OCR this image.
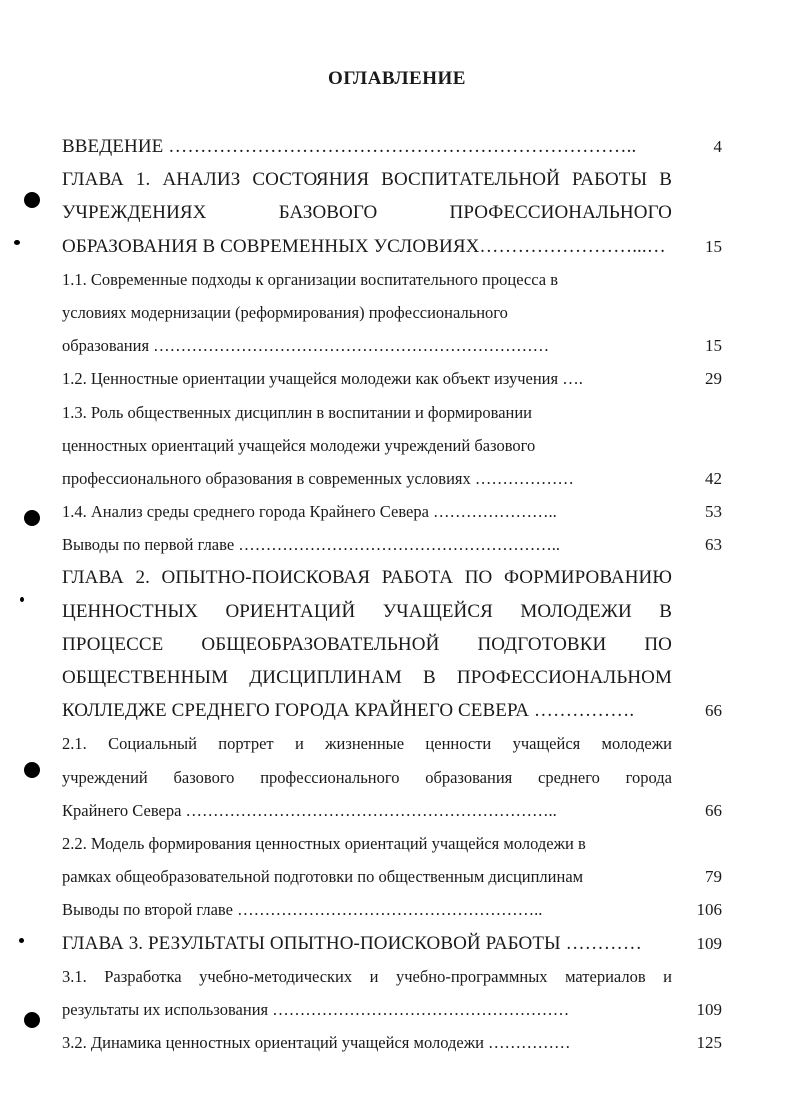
ОГЛАВЛЕНИЕ
ВВЕДЕНИЕ ………………………………………………………………..	4
ГЛАВА 1. АНАЛИЗ СОСТОЯНИЯ ВОСПИТАТЕЛЬНОЙ РАБОТЫ В
УЧРЕЖДЕНИЯХ БАЗОВОГО ПРОФЕССИОНАЛЬНОГО
ОБРАЗОВАНИЯ В СОВРЕМЕННЫХ УСЛОВИЯХ……………………...…	15
1.1. Современные подходы к организации воспитательного процесса в
условиях модернизации (реформирования) профессионального
образования ………………………………………………………………	15
1.2. Ценностные ориентации учащейся молодежи как объект изучения ….	29
1.3. Роль общественных дисциплин в воспитании и формировании
ценностных ориентаций учащейся молодежи учреждений базового
профессионального образования в современных условиях ………………	42
1.4. Анализ среды среднего города Крайнего Севера …………………..	53
Выводы по первой главе …………………………………………………..	63
ГЛАВА 2. ОПЫТНО-ПОИСКОВАЯ РАБОТА ПО ФОРМИРОВАНИЮ
ЦЕННОСТНЫХ ОРИЕНТАЦИЙ УЧАЩЕЙСЯ МОЛОДЕЖИ В
ПРОЦЕССЕ ОБЩЕОБРАЗОВАТЕЛЬНОЙ ПОДГОТОВКИ ПО
ОБЩЕСТВЕННЫМ ДИСЦИПЛИНАМ В ПРОФЕССИОНАЛЬНОМ
КОЛЛЕДЖЕ СРЕДНЕГО ГОРОДА КРАЙНЕГО СЕВЕРА …………….	66
2.1. Социальный портрет и жизненные ценности учащейся молодежи
учреждений базового профессионального образования среднего города
Крайнего Севера …………………………………………………………..	66
2.2. Модель формирования ценностных ориентаций учащейся молодежи в
рамках общеобразовательной подготовки по общественным дисциплинам	79
Выводы по второй главе ………………………………………………..	106
ГЛАВА 3. РЕЗУЛЬТАТЫ ОПЫТНО-ПОИСКОВОЙ РАБОТЫ …………	109
3.1. Разработка учебно-методических и учебно-программных материалов и
результаты их использования ………………………………………………	109
3.2. Динамика ценностных ориентаций учащейся молодежи ……………	125
